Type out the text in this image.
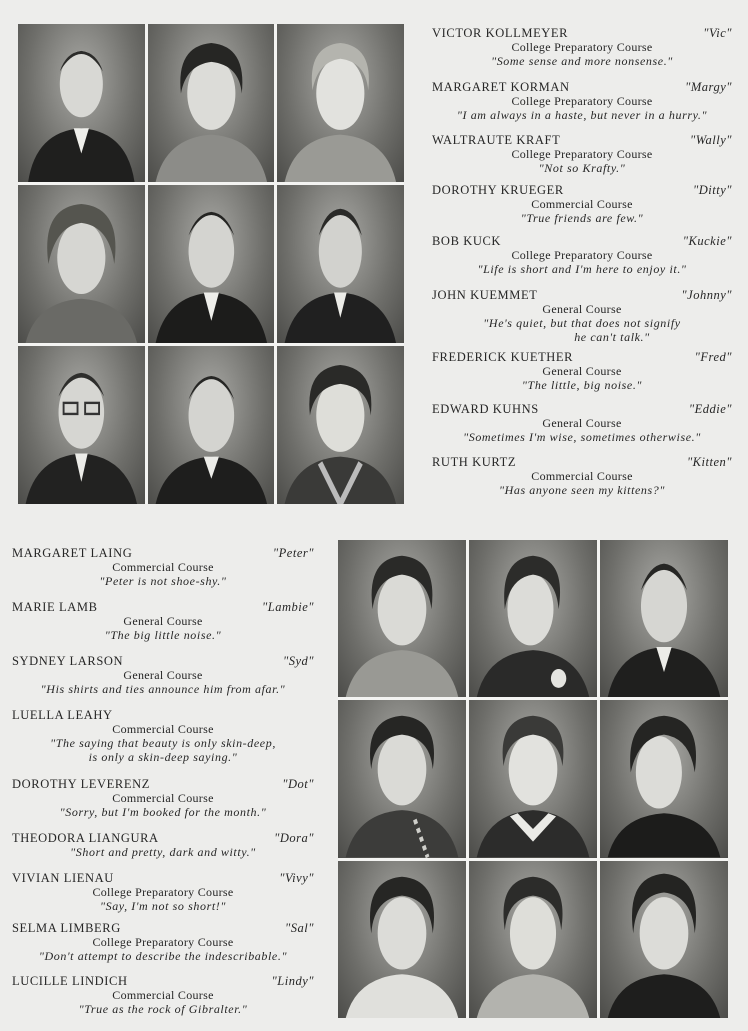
VICTOR KOLLMEYER	"Vic"
College Preparatory Course
"Some sense and more nonsense."
MARGARET KORMAN	"Margy"
College Preparatory Course
"I am always in a haste, but never in a hurry."
WALTRAUTE KRAFT	"Wally"
College Preparatory Course
"Not so Krafty."
DOROTHY KRUEGER	"Ditty"
Commercial Course
"True friends are few."
BOB KUCK	"Kuckie"
College Preparatory Course
"Life is short and I'm here to enjoy it."
JOHN KUEMMET	"Johnny"
General Course
"He's quiet, but that does not signify
he can't talk."
FREDERICK KUETHER	"Fred"
General Course
"The little, big noise."
EDWARD KUHNS	"Eddie"
General Course
"Sometimes I'm wise, sometimes otherwise."
RUTH KURTZ	"Kitten"
Commercial Course
"Has anyone seen my kittens?"
MARGARET LAING	"Peter"
Commercial Course
"Peter is not shoe-shy."
MARIE LAMB	"Lambie"
General Course
"The big little noise."
SYDNEY LARSON	"Syd"
General Course
"His shirts and ties announce him from afar."
LUELLA LEAHY
Commercial Course
"The saying that beauty is only skin-deep,
is only a skin-deep saying."
DOROTHY LEVERENZ	"Dot"
Commercial Course
"Sorry, but I'm booked for the month."
THEODORA LIANGURA	"Dora"
"Short and pretty, dark and witty."
VIVIAN LIENAU	"Vivy"
College Preparatory Course
"Say, I'm not so short!"
SELMA LIMBERG	"Sal"
College Preparatory Course
"Don't attempt to describe the indescribable."
LUCILLE LINDICH	"Lindy"
Commercial Course
"True as the rock of Gibralter."
